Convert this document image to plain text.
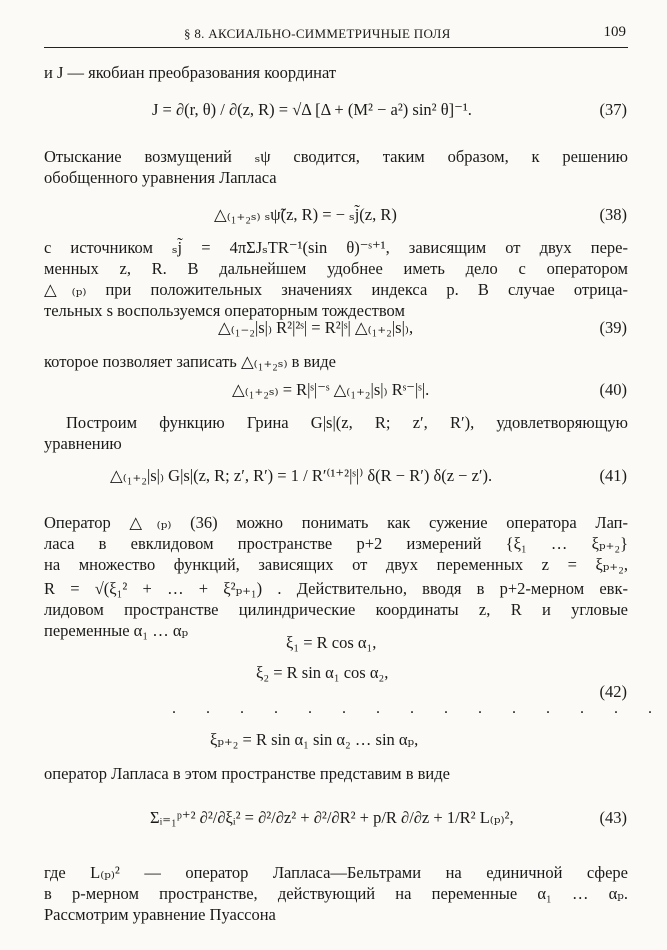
§ 8. АКСИАЛЬНО-СИММЕТРИЧНЫЕ ПОЛЯ	109
и J — якобиан преобразования координат
J = ∂(r, θ) / ∂(z, R) = √Δ [Δ + (M² − a²) sin² θ]⁻¹.	(37)
Отыскание возмущений ₛψ сводится, таким образом, к решению
обобщенного уравнения Лапласа
△₍₁₊₂ₛ₎ ₛψ̃(z, R) = − ₛj̃(z, R)	(38)
с источником ₛj̃ = 4πΣJₛTR⁻¹(sin θ)⁻ˢ⁺¹, зависящим от двух пере-
менных z, R. В дальнейшем удобнее иметь дело с оператором
△₍ₚ₎ при положительных значениях индекса p. В случае отрица-
тельных s воспользуемся операторным тождеством
△₍₁₋₂|s|₎ R²|²ˢ| = R²|ˢ| △₍₁₊₂|s|₎,	(39)
которое позволяет записать △₍₁₊₂ₛ₎ в виде
△₍₁₊₂ₛ₎ = R|ˢ|⁻ˢ △₍₁₊₂|s|₎ Rˢ⁻|ˢ|.	(40)
Построим функцию Грина G|s|(z, R; z′, R′), удовлетворяющую
уравнению
△₍₁₊₂|s|₎ G|s|(z, R; z′, R′) = 1 / R′⁽¹⁺²|ˢ|⁾ δ(R − R′) δ(z − z′).	(41)
Оператор △₍ₚ₎ (36) можно понимать как сужение оператора Лап-
ласа в евклидовом пространстве p+2 измерений {ξ₁ … ξₚ₊₂}
на множество функций, зависящих от двух переменных z = ξₚ₊₂,
R = √(ξ₁² + … + ξ²ₚ₊₁) . Действительно, вводя в p+2-мерном евк-
лидовом пространстве цилиндрические координаты z, R и угловые
переменные α₁ … αₚ
ξ₁ = R cos α₁,
ξ₂ = R sin α₁ cos α₂,
(42)
. . . . . . . . . . . . . . .
ξₚ₊₂ = R sin α₁ sin α₂ … sin αₚ,
оператор Лапласа в этом пространстве представим в виде
Σᵢ₌₁ᵖ⁺² ∂²/∂ξᵢ² = ∂²/∂z² + ∂²/∂R² + p/R ∂/∂z + 1/R² L₍ₚ₎²,	(43)
где L₍ₚ₎² — оператор Лапласа—Бельтрами на единичной сфере
в p-мерном пространстве, действующий на переменные α₁ … αₚ.
Рассмотрим уравнение Пуассона
